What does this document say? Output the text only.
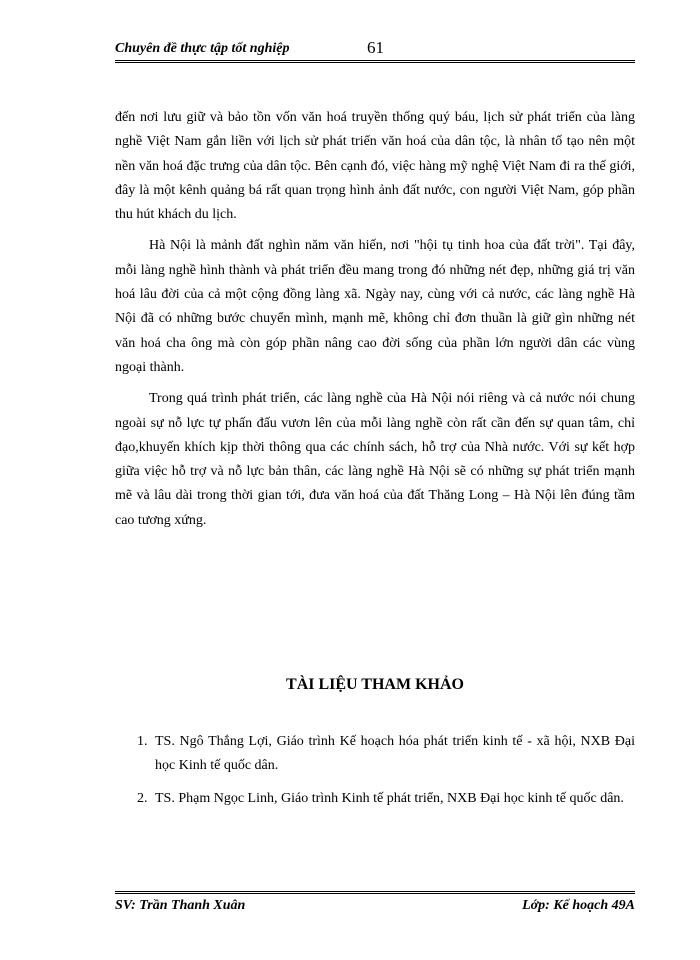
Chuyên đề thực tập tốt nghiệp	61

đến nơi lưu giữ và bảo tồn vốn văn hoá truyền thống quý báu, lịch sử phát triển của làng nghề Việt Nam gắn liền với lịch sử phát triển văn hoá của dân tộc, là nhân tố tạo nên một nền văn hoá đặc trưng của dân tộc. Bên cạnh đó, việc hàng mỹ nghệ Việt Nam đi ra thế giới, đây là một kênh quảng bá rất quan trọng hình ảnh đất nước, con người Việt Nam, góp phần thu hút khách du lịch.

Hà Nội là mảnh đất nghìn năm văn hiến, nơi "hội tụ tinh hoa của đất trời". Tại đây, mỗi làng nghề hình thành và phát triển đều mang trong đó những nét đẹp, những giá trị văn hoá lâu đời của cả một cộng đồng làng xã. Ngày nay, cùng với cả nước, các làng nghề Hà Nội đã có những bước chuyển mình, mạnh mẽ, không chỉ đơn thuần là giữ gìn những nét văn hoá cha ông mà còn góp phần nâng cao đời sống của phần lớn người dân các vùng ngoại thành.

Trong quá trình phát triển, các làng nghề của Hà Nội nói riêng và cả nước nói chung ngoài sự nỗ lực tự phấn đấu vươn lên của mỗi làng nghề còn rất cần đến sự quan tâm, chỉ đạo,khuyến khích kịp thời thông qua các chính sách, hỗ trợ của Nhà nước. Với sự kết hợp giữa việc hỗ trợ và nỗ lực bản thân, các làng nghề Hà Nội sẽ có những sự phát triển mạnh mẽ và lâu dài trong thời gian tới, đưa văn hoá của đất Thăng Long – Hà Nội lên đúng tầm cao tương xứng.

TÀI LIỆU THAM KHẢO
1. TS. Ngô Thắng Lợi, Giáo trình Kế hoạch hóa phát triển kinh tế - xã hội, NXB Đại học Kinh tế quốc dân.
2. TS. Phạm Ngọc Linh, Giáo trình Kinh tế phát triển, NXB Đại học kinh tế quốc dân.
SV: Trần Thanh Xuân	Lớp: Kế hoạch 49A
